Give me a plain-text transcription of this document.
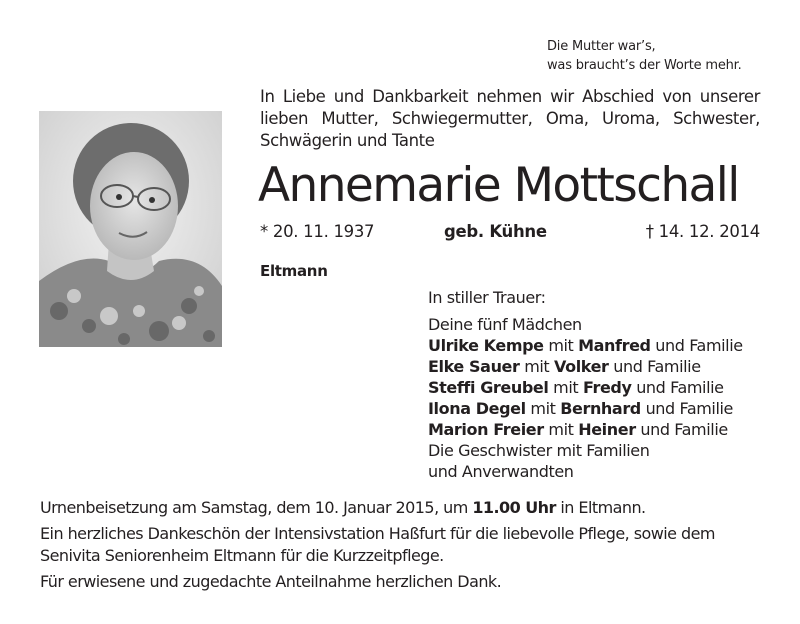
Die Mutter war’s,
was braucht’s der Worte mehr.
In Liebe und Dankbarkeit nehmen wir Abschied von unserer
lieben Mutter, Schwiegermutter, Oma, Uroma, Schwester,
Schwägerin und Tante
Annemarie Mottschall
* 20. 11. 1937	geb. Kühne	† 14. 12. 2014
Eltmann
In stiller Trauer:
Deine fünf Mädchen
Ulrike Kempe mit Manfred und Familie
Elke Sauer mit Volker und Familie
Steffi Greubel mit Fredy und Familie
Ilona Degel mit Bernhard und Familie
Marion Freier mit Heiner und Familie
Die Geschwister mit Familien
und Anverwandten
Urnenbeisetzung am Samstag, dem 10. Januar 2015, um 11.00 Uhr in Eltmann.
Ein herzliches Dankeschön der Intensivstation Haßfurt für die liebevolle Pflege, sowie dem
Senivita Seniorenheim Eltmann für die Kurzzeitpflege.
Für erwiesene und zugedachte Anteilnahme herzlichen Dank.
